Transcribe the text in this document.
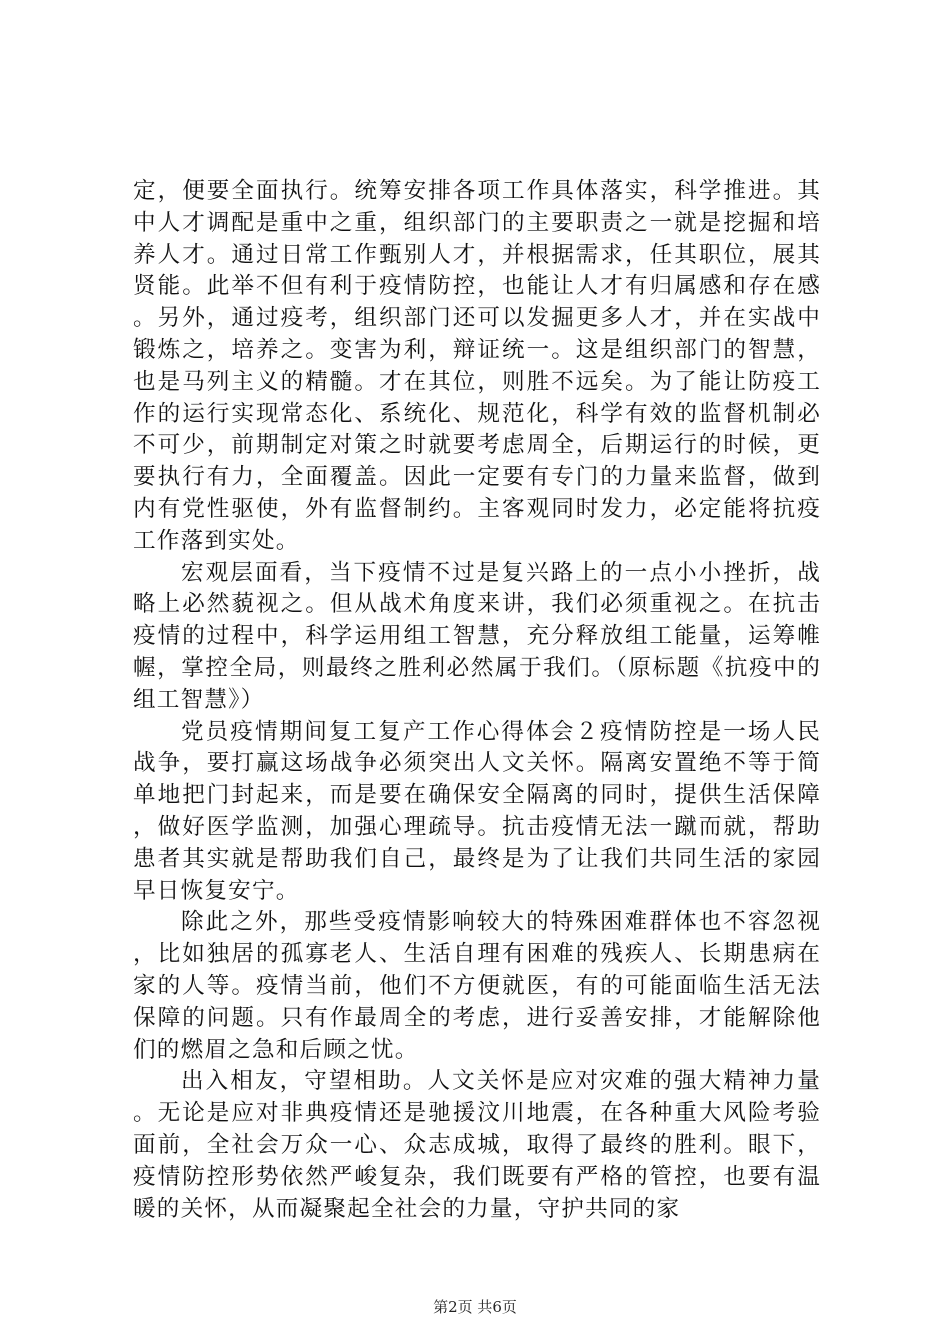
定，便要全面执行。统筹安排各项工作具体落实，科学推进。其中人才调配是重中之重，组织部门的主要职责之一就是挖掘和培养人才。通过日常工作甄别人才，并根据需求，任其职位，展其贤能。此举不但有利于疫情防控，也能让人才有归属感和存在感。另外，通过疫考，组织部门还可以发掘更多人才，并在实战中锻炼之，培养之。变害为利，辩证统一。这是组织部门的智慧，也是马列主义的精髓。才在其位，则胜不远矣。为了能让防疫工作的运行实现常态化、系统化、规范化，科学有效的监督机制必不可少，前期制定对策之时就要考虑周全，后期运行的时候，更要执行有力，全面覆盖。因此一定要有专门的力量来监督，做到内有党性驱使，外有监督制约。主客观同时发力，必定能将抗疫工作落到实处。

宏观层面看，当下疫情不过是复兴路上的一点小小挫折，战略上必然藐视之。但从战术角度来讲，我们必须重视之。在抗击疫情的过程中，科学运用组工智慧，充分释放组工能量，运筹帷幄，掌控全局，则最终之胜利必然属于我们。（原标题《抗疫中的组工智慧》）

党员疫情期间复工复产工作心得体会２疫情防控是一场人民战争，要打赢这场战争必须突出人文关怀。隔离安置绝不等于简单地把门封起来，而是要在确保安全隔离的同时，提供生活保障，做好医学监测，加强心理疏导。抗击疫情无法一蹴而就，帮助患者其实就是帮助我们自己，最终是为了让我们共同生活的家园早日恢复安宁。

除此之外，那些受疫情影响较大的特殊困难群体也不容忽视，比如独居的孤寡老人、生活自理有困难的残疾人、长期患病在家的人等。疫情当前，他们不方便就医，有的可能面临生活无法保障的问题。只有作最周全的考虑，进行妥善安排，才能解除他们的燃眉之急和后顾之忧。

出入相友，守望相助。人文关怀是应对灾难的强大精神力量。无论是应对非典疫情还是驰援汶川地震，在各种重大风险考验面前，全社会万众一心、众志成城，取得了最终的胜利。眼下，疫情防控形势依然严峻复杂，我们既要有严格的管控，也要有温暖的关怀，从而凝聚起全社会的力量，守护共同的家

第2页 共6页
